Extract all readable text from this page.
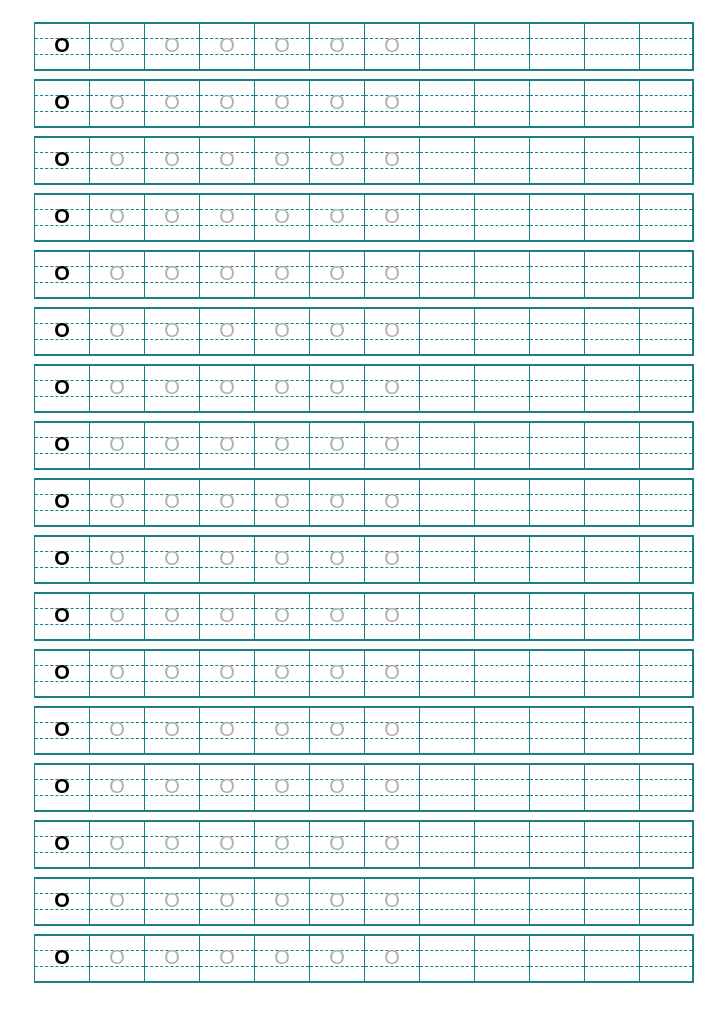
O	O	O	O	O	O	O
O	O	O	O	O	O	O
O	O	O	O	O	O	O
O	O	O	O	O	O	O
O	O	O	O	O	O	O
O	O	O	O	O	O	O
O	O	O	O	O	O	O
O	O	O	O	O	O	O
O	O	O	O	O	O	O
O	O	O	O	O	O	O
O	O	O	O	O	O	O
O	O	O	O	O	O	O
O	O	O	O	O	O	O
O	O	O	O	O	O	O
O	O	O	O	O	O	O
O	O	O	O	O	O	O
O	O	O	O	O	O	O
